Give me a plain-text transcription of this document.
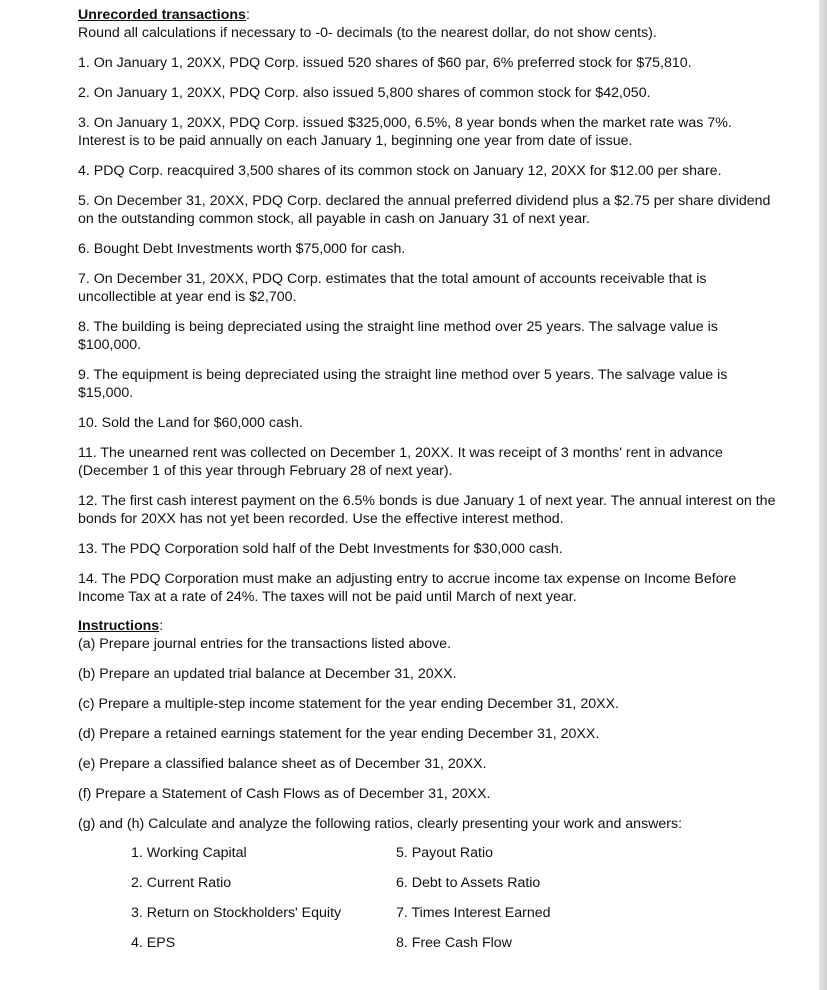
Unrecorded transactions:

Round all calculations if necessary to -0- decimals (to the nearest dollar, do not show cents).

1. On January 1, 20XX, PDQ Corp. issued 520 shares of $60 par, 6% preferred stock for $75,810.

2. On January 1, 20XX, PDQ Corp. also issued 5,800 shares of common stock for $42,050.

3. On January 1, 20XX, PDQ Corp. issued $325,000, 6.5%, 8 year bonds when the market rate was 7%. Interest is to be paid annually on each January 1, beginning one year from date of issue.

4. PDQ Corp. reacquired 3,500 shares of its common stock on January 12, 20XX for $12.00 per share.

5. On December 31, 20XX, PDQ Corp. declared the annual preferred dividend plus a $2.75 per share dividend on the outstanding common stock, all payable in cash on January 31 of next year.

6. Bought Debt Investments worth $75,000 for cash.

7. On December 31, 20XX, PDQ Corp. estimates that the total amount of accounts receivable that is uncollectible at year end is $2,700.

8. The building is being depreciated using the straight line method over 25 years. The salvage value is $100,000.

9. The equipment is being depreciated using the straight line method over 5 years. The salvage value is $15,000.

10. Sold the Land for $60,000 cash.

11. The unearned rent was collected on December 1, 20XX. It was receipt of 3 months' rent in advance (December 1 of this year through February 28 of next year).

12. The first cash interest payment on the 6.5% bonds is due January 1 of next year. The annual interest on the bonds for 20XX has not yet been recorded. Use the effective interest method.

13. The PDQ Corporation sold half of the Debt Investments for $30,000 cash.

14. The PDQ Corporation must make an adjusting entry to accrue income tax expense on Income Before Income Tax at a rate of 24%. The taxes will not be paid until March of next year.

Instructions:

(a) Prepare journal entries for the transactions listed above.

(b) Prepare an updated trial balance at December 31, 20XX.

(c) Prepare a multiple-step income statement for the year ending December 31, 20XX.

(d) Prepare a retained earnings statement for the year ending December 31, 20XX.

(e) Prepare a classified balance sheet as of December 31, 20XX.

(f) Prepare a Statement of Cash Flows as of December 31, 20XX.

(g) and (h) Calculate and analyze the following ratios, clearly presenting your work and answers:

1. Working Capital	5. Payout Ratio
2. Current Ratio	6. Debt to Assets Ratio
3. Return on Stockholders' Equity	7. Times Interest Earned
4. EPS	8. Free Cash Flow
